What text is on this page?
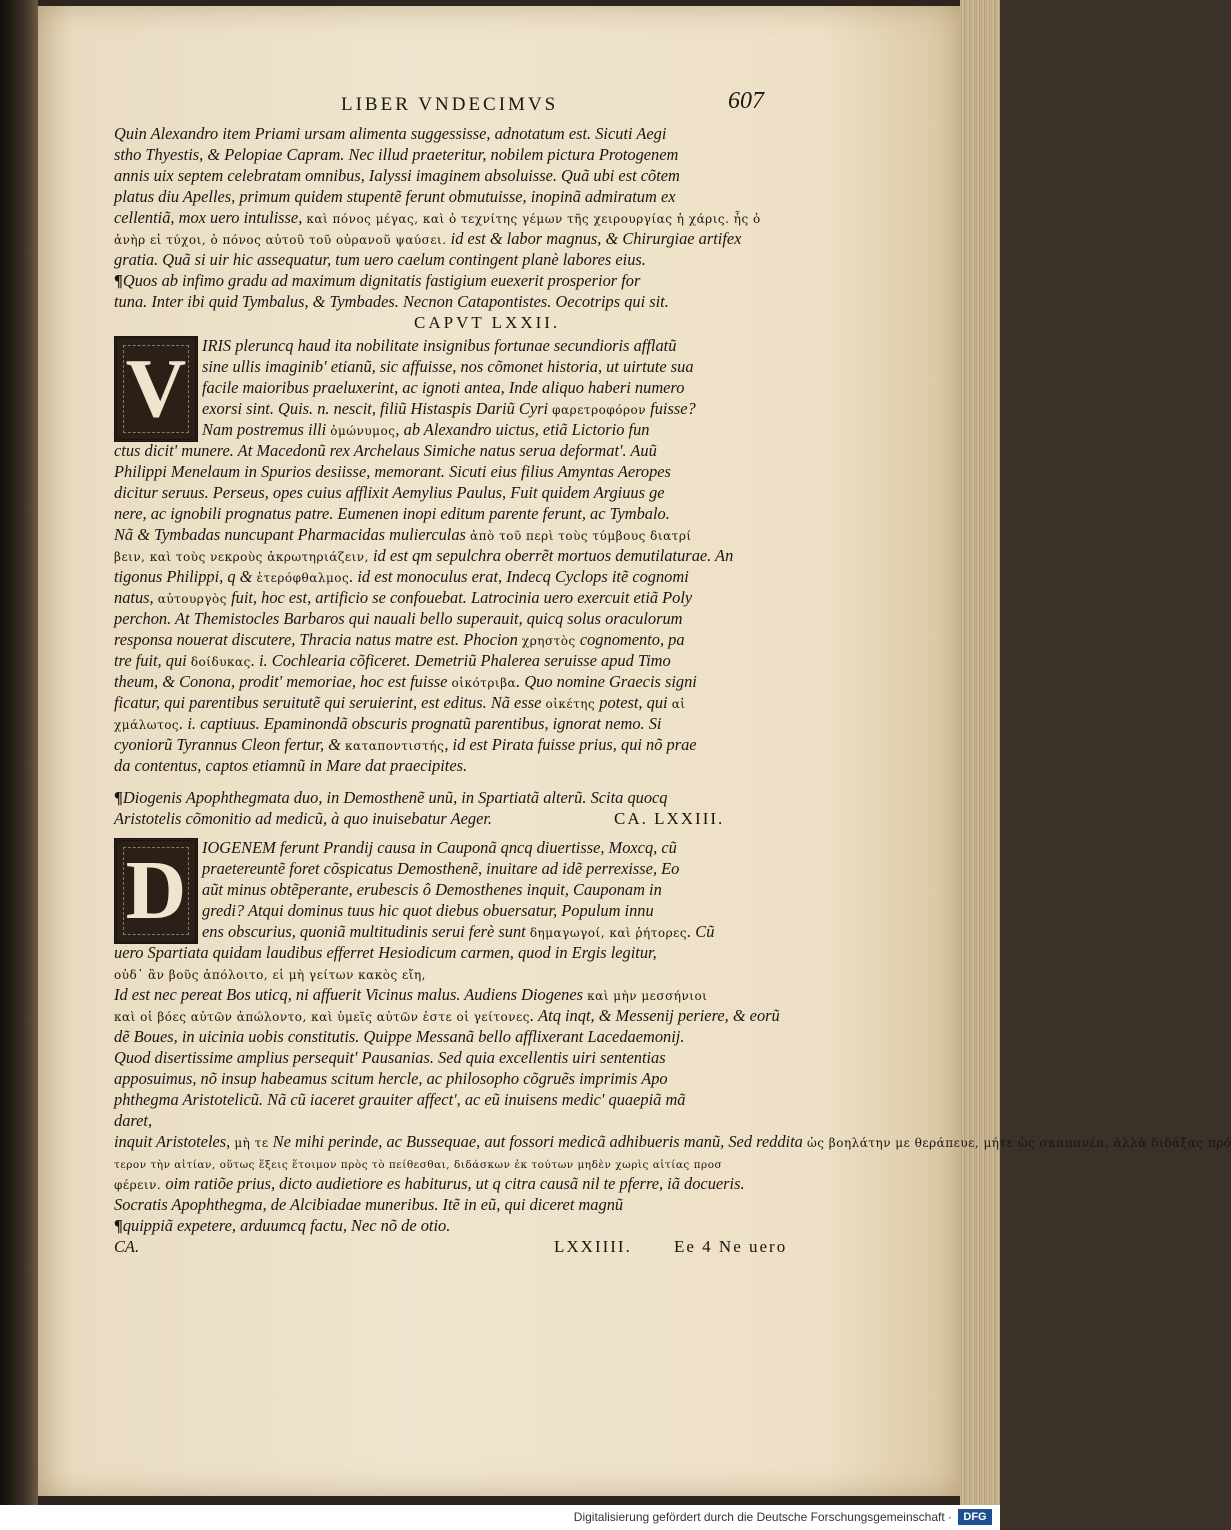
LIBER VNDECIMVS	607
Quin Alexandro item Priami ursam alimenta suggessisse, adnotatum est. Sicuti Aegi
stho Thyestis, & Pelopiae Capram. Nec illud praeteritur, nobilem pictura Protogenem
annis uix septem celebratam omnibus, Ialyssi imaginem absoluisse. Quã ubi est cõtem
platus diu Apelles, primum quidem stupentẽ ferunt obmutuisse, inopinã admiratum ex
cellentiã, mox uero intulisse, καὶ πόνος μέγας, καὶ ὁ τεχνίτης γέμων τῆς χειρουργίας ἡ χάρις. ἧς ὁ
ἀνὴρ εἰ τύχοι, ὁ πόνος αὐτοῦ τοῦ οὐρανοῦ ψαύσει. id est & labor magnus, & Chirurgiae artifex
gratia. Quã si uir hic assequatur, tum uero caelum contingent planè labores eius.
¶Quos ab infimo gradu ad maximum dignitatis fastigium euexerit prosperior for
tuna. Inter ibi quid Tymbalus, & Tymbades. Necnon Catapontistes. Oecotrips qui sit.
CAPVT LXXII.
V IRIS pleruncq haud ita nobilitate insignibus fortunae secundioris afflatũ
sine ullis imaginib' etianũ, sic affuisse, nos cõmonet historia, ut uirtute sua
facile maioribus praeluxerint, ac ignoti antea, Inde aliquo haberi numero
exorsi sint. Quis. n. nescit, filiũ Histaspis Dariũ Cyri φαρετροφόρον fuisse?
Nam postremus illi ὁμώνυμος, ab Alexandro uictus, etiã Lictorio fun
ctus dicit' munere. At Macedonũ rex Archelaus Simiche natus serua deformat'. Auũ
Philippi Menelaum in Spurios desiisse, memorant. Sicuti eius filius Amyntas Aeropes
dicitur seruus. Perseus, opes cuius afflixit Aemylius Paulus, Fuit quidem Argiuus ge
nere, ac ignobili prognatus patre. Eumenen inopi editum parente ferunt, ac Tymbalo.
Nã & Tymbadas nuncupant Pharmacidas mulierculas ἀπὸ τοῦ περὶ τοὺς τύμβους διατρί
βειν, καὶ τοὺς νεκροὺς ἀκρωτηριάζειν, id est qm sepulchra oberrẽt mortuos demutilaturae. An
tigonus Philippi, q & ἑτερόφθαλμος. id est monoculus erat, Indecq Cyclops itẽ cognomi
natus, αὐτουργὸς fuit, hoc est, artificio se confouebat. Latrocinia uero exercuit etiã Poly
perchon. At Themistocles Barbaros qui nauali bello superauit, quicq solus oraculorum
responsa nouerat discutere, Thracia natus matre est. Phocion χρηστὸς cognomento, pa
tre fuit, qui δοίδυκας. i. Cochlearia cõficeret. Demetriũ Phalerea seruisse apud Timo
theum, & Conona, prodit' memoriae, hoc est fuisse οἰκότριβα. Quo nomine Graecis signi
ficatur, qui parentibus seruitutẽ qui seruierint, est editus. Nã esse οἰκέτης potest, qui αἰ
χμάλωτος. i. captiuus. Epaminondã obscuris prognatũ parentibus, ignorat nemo. Si
cyoniorũ Tyrannus Cleon fertur, & καταποντιστής, id est Pirata fuisse prius, qui nõ prae
da contentus, captos etiamnũ in Mare dat praecipites.
¶Diogenis Apophthegmata duo, in Demosthenẽ unũ, in Spartiatã alterũ. Scita quocq
Aristotelis cõmonitio ad medicũ, à quo inuisebatur Aeger.	CA. LXXIII.
D IOGENEM ferunt Prandij causa in Cauponã qncq diuertisse, Moxcq, cũ
praetereuntẽ foret cõspicatus Demosthenẽ, inuitare ad idẽ perrexisse, Eo
aũt minus obtẽperante, erubescis ô Demosthenes inquit, Cauponam in
gredi? Atqui dominus tuus hic quot diebus obuersatur, Populum innu
ens obscurius, quoniã multitudinis serui ferè sunt δημαγωγοί, καὶ ῥήτορες. Cũ
uero Spartiata quidam laudibus efferret Hesiodicum carmen, quod in Ergis legitur,
οὐδ᾽ ἂν βοῦς ἀπόλοιτο, εἰ μὴ γείτων κακὸς εἴη,
Id est nec pereat Bos uticq, ni affuerit Vicinus malus. Audiens Diogenes καὶ μὴν μεσσήνιοι
καὶ οἱ βόες αὐτῶν ἀπώλοντο, καὶ ὑμεῖς αὐτῶν ἐστε οἱ γείτονες. Atq inqt, & Messenij periere, & eorũ
dẽ Boues, in uicinia uobis constitutis. Quippe Messanã bello afflixerant Lacedaemonij.
Quod disertissime amplius persequit' Pausanias. Sed quia excellentis uiri sententias
apposuimus, nõ insup habeamus scitum hercle, ac philosopho cõgruẽs imprimis Apo
phthegma Aristotelicũ. Nã cũ iaceret grauiter affect', ac eũ inuisens medic' quaepiã mã
daret,
inquit Aristoteles, μὴ τε Ne mihi perinde, ac Bussequae, aut fossori medicã adhibueris manũ, Sed reddita ὡς βοηλάτην με θεράπευε, μήτε ὡς σκαπανέα, ἀλλὰ διδάξας πρό
τερον τὴν αἰτίαν, οὕτως ἕξεις ἕτοιμον πρὸς τὸ πείθεσθαι, διδάσκων ἐκ τούτων μηδὲν χωρὶς αἰτίας προσ
φέρειν. oim ratiõe prius, dicto audietiore es habiturus, ut q citra causã nil te pferre, iã docueris.
Socratis Apophthegma, de Alcibiadae muneribus. Itẽ in eũ, qui diceret magnũ
¶quippiã expetere, arduumcq factu, Nec nõ de otio.
CA.	LXXIIII. Ee 4 Ne uero
Digitalisierung gefördert durch die Deutsche Forschungsgemeinschaft ·	DFG
